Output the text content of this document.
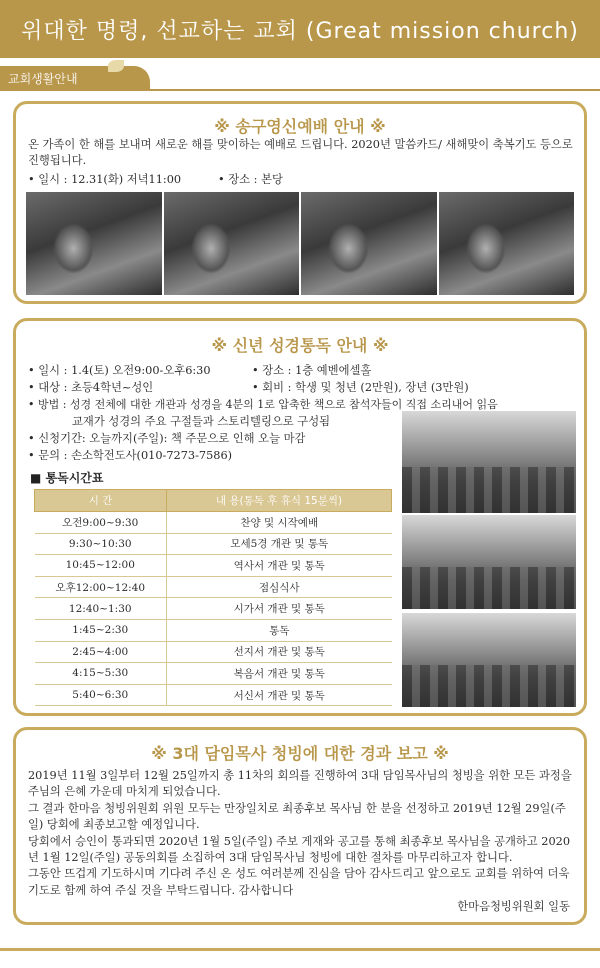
위대한 명령, 선교하는 교회 (Great mission church)
교회생활안내
※ 송구영신예배 안내 ※
온 가족이 한 해를 보내며 새로운 해를 맞이하는 예배로 드립니다. 2020년 말씀카드/ 새해맞이 축복기도 등으로 진행됩니다.
• 일시 : 12.31(화) 저녁11:00	• 장소 : 본당
※ 신년 성경통독 안내 ※
• 일시 : 1.4(토) 오전9:00-오후6:30	• 장소 : 1층 예벤에셀홀
• 대상 : 초등4학년~성인	• 회비 : 학생 및 청년 (2만원), 장년 (3만원)
• 방법 : 성경 전체에 대한 개관과 성경을 4분의 1로 압축한 책으로 참석자들이 직접 소리내어 읽음
교재가 성경의 주요 구절들과 스토리텔링으로 구성됨
• 신청기간: 오늘까지(주일): 책 주문으로 인해 오늘 마감
• 문의 : 손소학전도사(010-7273-7586)
■ 통독시간표
시 간	내 용(통독 후 휴식 15분씩)
오전9:00~9:30	찬양 및 시작예배
9:30~10:30	모세5경 개관 및 통독
10:45~12:00	역사서 개관 및 통독
오후12:00~12:40	점심식사
12:40~1:30	시가서 개관 및 통독
1:45~2:30	통독
2:45~4:00	선지서 개관 및 통독
4:15~5:30	복음서 개관 및 통독
5:40~6:30	서신서 개관 및 통독
※ 3대 담임목사 청빙에 대한 경과 보고 ※
2019년 11월 3일부터 12월 25일까지 총 11차의 회의를 진행하여 3대 담임목사님의 청빙을 위한 모든 과정을 주님의 은혜 가운데 마치게 되었습니다.
그 결과 한마음 청빙위원회 위원 모두는 만장일치로 최종후보 목사님 한 분을 선정하고 2019년 12월 29일(주일) 당회에 최종보고할 예정입니다.
당회에서 승인이 통과되면 2020년 1월 5일(주일) 주보 게재와 공고를 통해 최종후보 목사님을 공개하고 2020년 1월 12일(주일) 공동의회를 소집하여 3대 담임목사님 청빙에 대한 절차를 마무리하고자 합니다.
그동안 뜨겁게 기도하시며 기다려 주신 온 성도 여러분께 진심을 담아 감사드리고 앞으로도 교회를 위하여 더욱 기도로 함께 하여 주실 것을 부탁드립니다. 감사합니다
한마음청빙위원회 일동
